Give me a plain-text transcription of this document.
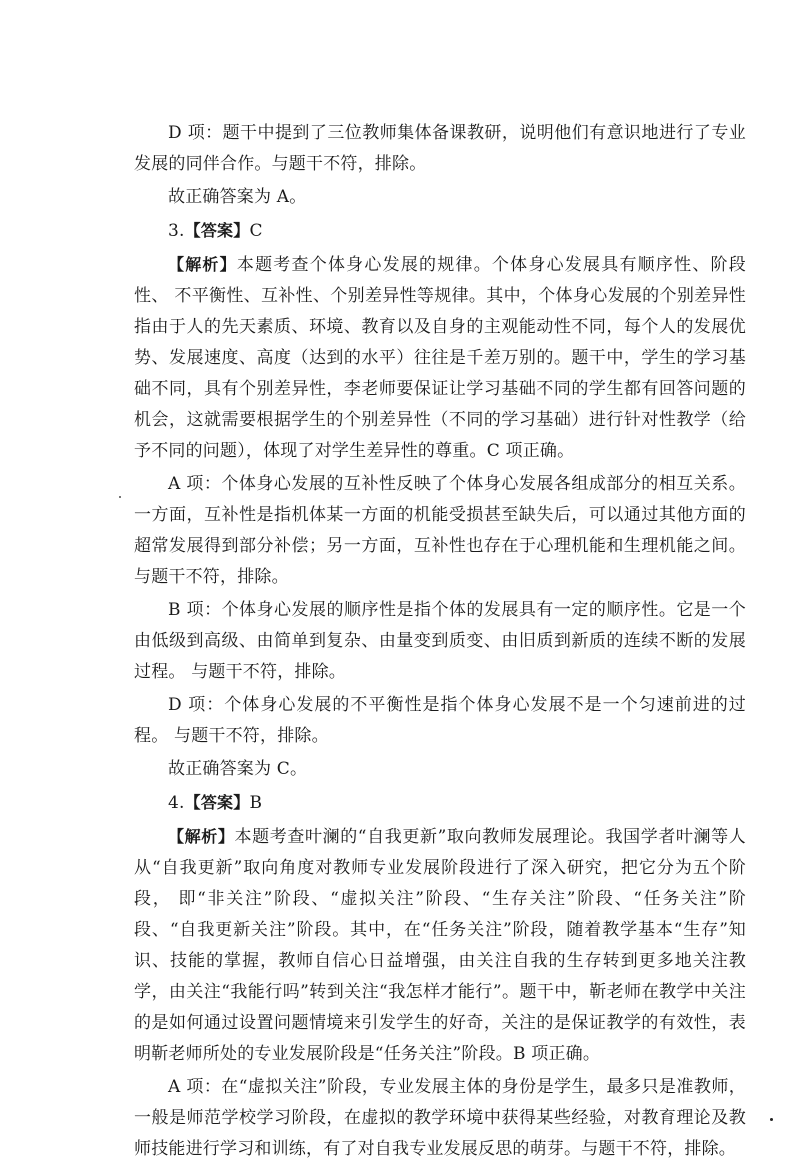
D 项：题干中提到了三位教师集体备课教研，说明他们有意识地进行了专业发展的同伴合作。与题干不符，排除。

故正确答案为 A。

3.【答案】C

【解析】本题考查个体身心发展的规律。个体身心发展具有顺序性、阶段性、 不平衡性、互补性、个别差异性等规律。其中，个体身心发展的个别差异性指由于人的先天素质、环境、教育以及自身的主观能动性不同，每个人的发展优势、发展速度、高度（达到的水平）往往是千差万别的。题干中，学生的学习基础不同，具有个别差异性，李老师要保证让学习基础不同的学生都有回答问题的机会，这就需要根据学生的个别差异性（不同的学习基础）进行针对性教学（给予不同的问题），体现了对学生差异性的尊重。C 项正确。

A 项：个体身心发展的互补性反映了个体身心发展各组成部分的相互关系。一方面，互补性是指机体某一方面的机能受损甚至缺失后，可以通过其他方面的超常发展得到部分补偿；另一方面，互补性也存在于心理机能和生理机能之间。与题干不符，排除。

B 项：个体身心发展的顺序性是指个体的发展具有一定的顺序性。它是一个由低级到高级、由简单到复杂、由量变到质变、由旧质到新质的连续不断的发展过程。 与题干不符，排除。

D 项：个体身心发展的不平衡性是指个体身心发展不是一个匀速前进的过程。 与题干不符，排除。

故正确答案为 C。

4.【答案】B

【解析】本题考查叶澜的“自我更新”取向教师发展理论。我国学者叶澜等人从“自我更新”取向角度对教师专业发展阶段进行了深入研究，把它分为五个阶段， 即“非关注”阶段、“虚拟关注”阶段、“生存关注”阶段、“任务关注”阶段、“自我更新关注”阶段。其中，在“任务关注”阶段，随着教学基本“生存”知识、技能的掌握，教师自信心日益增强，由关注自我的生存转到更多地关注教学，由关注“我能行吗”转到关注“我怎样才能行”。题干中，靳老师在教学中关注的是如何通过设置问题情境来引发学生的好奇，关注的是保证教学的有效性，表明靳老师所处的专业发展阶段是“任务关注”阶段。B 项正确。

A 项：在“虚拟关注”阶段，专业发展主体的身份是学生，最多只是准教师， 一般是师范学校学习阶段，在虚拟的教学环境中获得某些经验，对教育理论及教师技能进行学习和训练，有了对自我专业发展反思的萌芽。与题干不符，排除。
